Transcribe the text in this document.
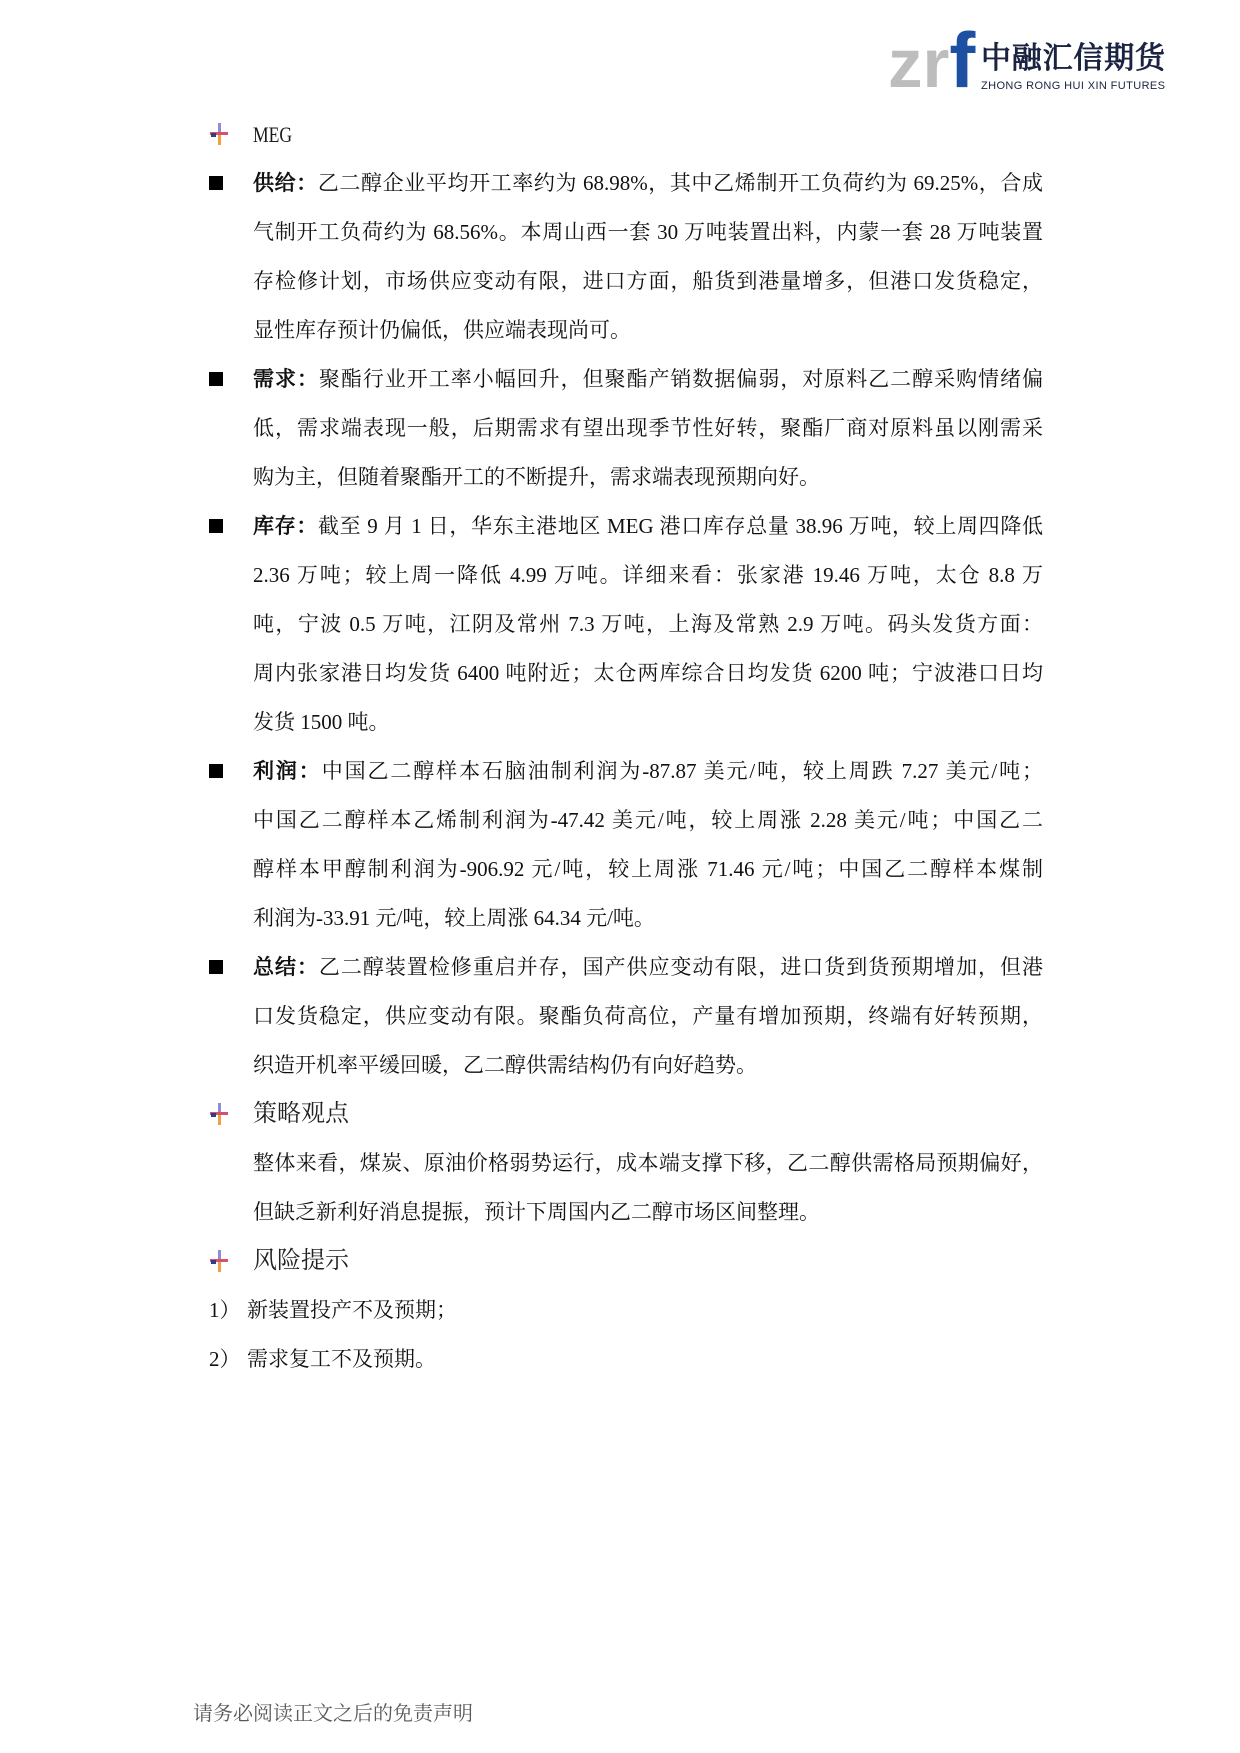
zrf 中融汇信期货
ZHONG RONG HUI XIN FUTURES
MEG
供给：乙二醇企业平均开工率约为 68.98%，其中乙烯制开工负荷约为 69.25%，合成
气制开工负荷约为 68.56%。本周山西一套 30 万吨装置出料，内蒙一套 28 万吨装置
存检修计划，市场供应变动有限，进口方面，船货到港量增多，但港口发货稳定，
显性库存预计仍偏低，供应端表现尚可。
需求：聚酯行业开工率小幅回升，但聚酯产销数据偏弱，对原料乙二醇采购情绪偏
低，需求端表现一般，后期需求有望出现季节性好转，聚酯厂商对原料虽以刚需采
购为主，但随着聚酯开工的不断提升，需求端表现预期向好。
库存：截至 9 月 1 日，华东主港地区 MEG 港口库存总量 38.96 万吨，较上周四降低
2.36 万吨；较上周一降低 4.99 万吨。详细来看：张家港 19.46 万吨，太仓 8.8 万
吨，宁波 0.5 万吨，江阴及常州 7.3 万吨，上海及常熟 2.9 万吨。码头发货方面：
周内张家港日均发货 6400 吨附近；太仓两库综合日均发货 6200 吨；宁波港口日均
发货 1500 吨。
利润：中国乙二醇样本石脑油制利润为-87.87 美元/吨，较上周跌 7.27 美元/吨；
中国乙二醇样本乙烯制利润为-47.42 美元/吨，较上周涨 2.28 美元/吨；中国乙二
醇样本甲醇制利润为-906.92 元/吨，较上周涨 71.46 元/吨；中国乙二醇样本煤制
利润为-33.91 元/吨，较上周涨 64.34 元/吨。
总结：乙二醇装置检修重启并存，国产供应变动有限，进口货到货预期增加，但港
口发货稳定，供应变动有限。聚酯负荷高位，产量有增加预期，终端有好转预期，
织造开机率平缓回暖，乙二醇供需结构仍有向好趋势。
策略观点
整体来看，煤炭、原油价格弱势运行，成本端支撑下移，乙二醇供需格局预期偏好，
但缺乏新利好消息提振，预计下周国内乙二醇市场区间整理。
风险提示
1） 新装置投产不及预期；
2） 需求复工不及预期。
请务必阅读正文之后的免责声明
